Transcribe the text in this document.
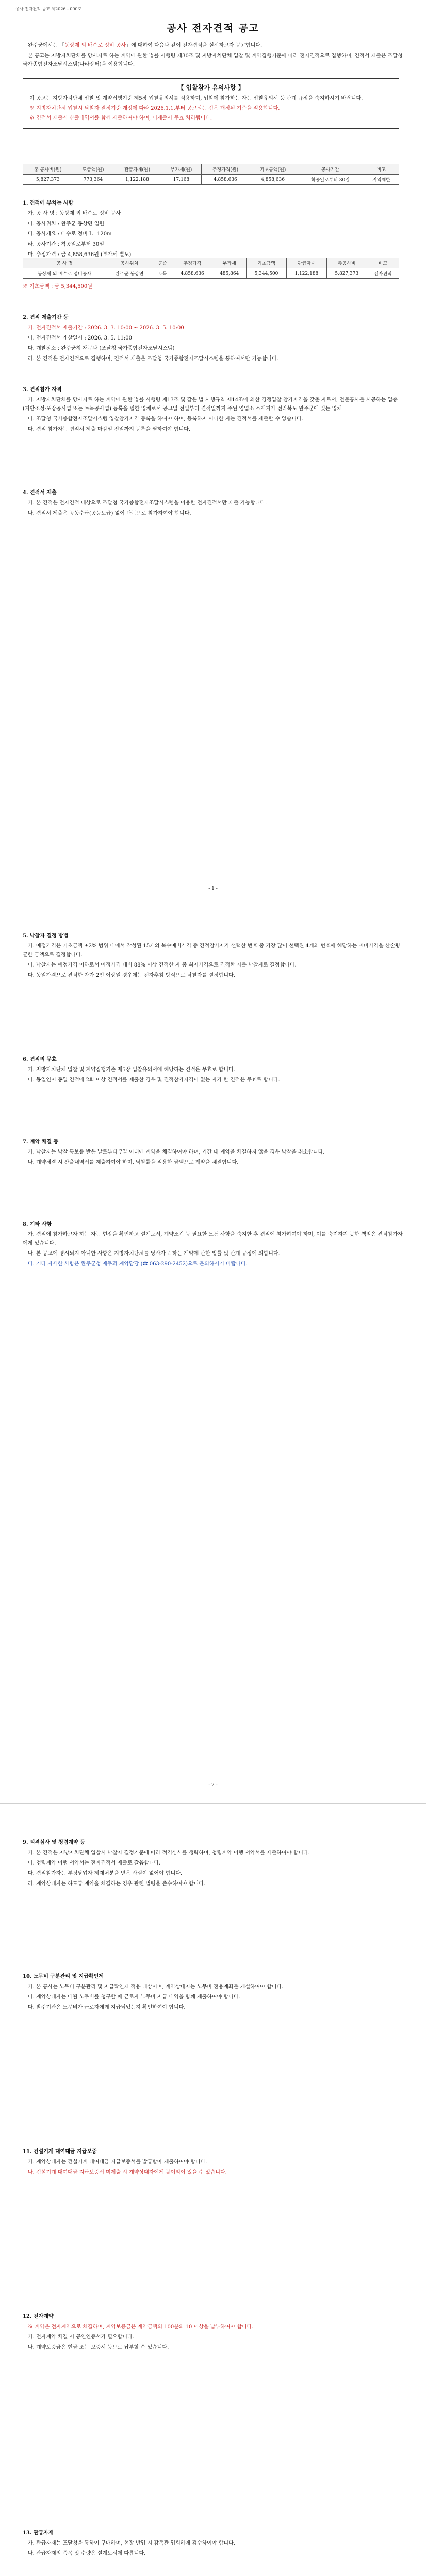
공사 전자견적 공고 제2026 - 000호
공사 전자견적 공고

완주군에서는 「동상제 외 배수로 정비 공사」에 대하여 다음과 같이 전자견적을 실시하고자 공고합니다.

본 공고는 지방자치단체를 당사자로 하는 계약에 관한 법률 시행령 제30조 및 지방자치단체 입찰 및 계약집행기준에 따라 전자견적으로 집행하며, 견적서 제출은 조달청 국가종합전자조달시스템(나라장터)을 이용합니다.

【 입찰참가 유의사항 】

이 공고는 지방자치단체 입찰 및 계약집행기준 제5장 입찰유의서를 적용하며, 입찰에 참가하는 자는 입찰유의서 등 관계 규정을 숙지하시기 바랍니다.

※ 지방자치단체 입찰시 낙찰자 결정기준 개정에 따라 2026.1.1.부터 공고되는 건은 개정된 기준을 적용합니다.

※ 견적서 제출시 산출내역서를 함께 제출하여야 하며, 미제출시 무효 처리됩니다.

총 공사비(원)	도급액(원)	관급자재(원)	부가세(원)	추정가격(원)	기초금액(원)	공사기간	비고
5,827,373	773,364	1,122,188	17,168	4,858,636	4,858,636	착공일로부터 30일	지역제한
1. 견적에 부치는 사항

가. 공 사 명 : 동상제 외 배수로 정비 공사

나. 공사위치 : 완주군 동상면 일원

다. 공사개요 : 배수로 정비 L=120m

라. 공사기간 : 착공일로부터 30일

마. 추정가격 : 금 4,858,636원 (부가세 별도)

공 사 명	공사위치	공종	추정가격	부가세	기초금액	관급자재	총공사비	비고
동상제 외 배수로 정비공사	완주군 동상면	토목	4,858,636	485,864	5,344,500	1,122,188	5,827,373	전자견적
※ 기초금액 : 금 5,344,500원
2. 견적 제출기간 등

가. 전자견적서 제출기간 : 2026. 3. 3. 10:00 ~ 2026. 3. 5. 10:00

나. 전자견적서 개찰일시 : 2026. 3. 5. 11:00

다. 개찰장소 : 완주군청 재무과 (조달청 국가종합전자조달시스템)

라. 본 견적은 전자견적으로 집행하며, 견적서 제출은 조달청 국가종합전자조달시스템을 통하여서만 가능합니다.

3. 견적참가 자격

가. 지방자치단체를 당사자로 하는 계약에 관한 법률 시행령 제13조 및 같은 법 시행규칙 제14조에 의한 경쟁입찰 참가자격을 갖춘 자로서, 전문공사를 시공하는 업종(지반조성·포장공사업 또는 토목공사업) 등록을 필한 업체로서 공고일 전일부터 견적일까지 주된 영업소 소재지가 전라북도 완주군에 있는 업체

나. 조달청 국가종합전자조달시스템 입찰참가자격 등록을 하여야 하며, 등록하지 아니한 자는 견적서를 제출할 수 없습니다.

다. 견적 참가자는 견적서 제출 마감일 전일까지 등록을 필하여야 합니다.

4. 견적서 제출

가. 본 견적은 전자견적 대상으로 조달청 국가종합전자조달시스템을 이용한 전자견적서만 제출 가능합니다.

나. 견적서 제출은 공동수급(공동도급) 없이 단독으로 참가하여야 합니다.

- 1 -
5. 낙찰자 결정 방법

가. 예정가격은 기초금액 ±2% 범위 내에서 작성된 15개의 복수예비가격 중 견적참가자가 선택한 번호 중 가장 많이 선택된 4개의 번호에 해당하는 예비가격을 산술평균한 금액으로 결정합니다.

나. 낙찰자는 예정가격 이하로서 예정가격 대비 88% 이상 견적한 자 중 최저가격으로 견적한 자를 낙찰자로 결정합니다.

다. 동일가격으로 견적한 자가 2인 이상일 경우에는 전자추첨 방식으로 낙찰자를 결정합니다.

6. 견적의 무효

가. 지방자치단체 입찰 및 계약집행기준 제5장 입찰유의서에 해당하는 견적은 무효로 합니다.

나. 동일인이 동일 견적에 2회 이상 견적서를 제출한 경우 및 견적참가자격이 없는 자가 한 견적은 무효로 합니다.

7. 계약 체결 등

가. 낙찰자는 낙찰 통보를 받은 날로부터 7일 이내에 계약을 체결하여야 하며, 기간 내 계약을 체결하지 않을 경우 낙찰을 취소합니다.

나. 계약체결 시 산출내역서를 제출하여야 하며, 낙찰률을 적용한 금액으로 계약을 체결합니다.

8. 기타 사항

가. 견적에 참가하고자 하는 자는 현장을 확인하고 설계도서, 계약조건 등 필요한 모든 사항을 숙지한 후 견적에 참가하여야 하며, 이를 숙지하지 못한 책임은 견적참가자에게 있습니다.

나. 본 공고에 명시되지 아니한 사항은 지방자치단체를 당사자로 하는 계약에 관한 법률 및 관계 규정에 의합니다.

다. 기타 자세한 사항은 완주군청 재무과 계약담당 (☎ 063-290-2452)으로 문의하시기 바랍니다.

- 2 -
9. 적격심사 및 청렴계약 등

가. 본 견적은 지방자치단체 입찰시 낙찰자 결정기준에 따라 적격심사를 생략하며, 청렴계약 이행 서약서를 제출하여야 합니다.

나. 청렴계약 이행 서약서는 전자견적서 제출로 갈음합니다.

다. 견적참가자는 부정당업자 제재처분을 받은 사실이 없어야 합니다.

라. 계약상대자는 하도급 계약을 체결하는 경우 관련 법령을 준수하여야 합니다.

10. 노무비 구분관리 및 지급확인제

가. 본 공사는 노무비 구분관리 및 지급확인제 적용 대상이며, 계약상대자는 노무비 전용계좌를 개설하여야 합니다.

나. 계약상대자는 매월 노무비를 청구할 때 근로자 노무비 지급 내역을 함께 제출하여야 합니다.

다. 발주기관은 노무비가 근로자에게 지급되었는지 확인하여야 합니다.

11. 건설기계 대여대금 지급보증

가. 계약상대자는 건설기계 대여대금 지급보증서를 발급받아 제출하여야 합니다.

나. 건설기계 대여대금 지급보증서 미제출 시 계약상대자에게 불이익이 있을 수 있습니다.

12. 전자계약

※ 계약은 전자계약으로 체결하며, 계약보증금은 계약금액의 100분의 10 이상을 납부하여야 합니다.

가. 전자계약 체결 시 공인인증서가 필요합니다.

나. 계약보증금은 현금 또는 보증서 등으로 납부할 수 있습니다.

13. 관급자재

가. 관급자재는 조달청을 통하여 구매하며, 현장 반입 시 감독관 입회하에 검수하여야 합니다.

나. 관급자재의 품목 및 수량은 설계도서에 따릅니다.
